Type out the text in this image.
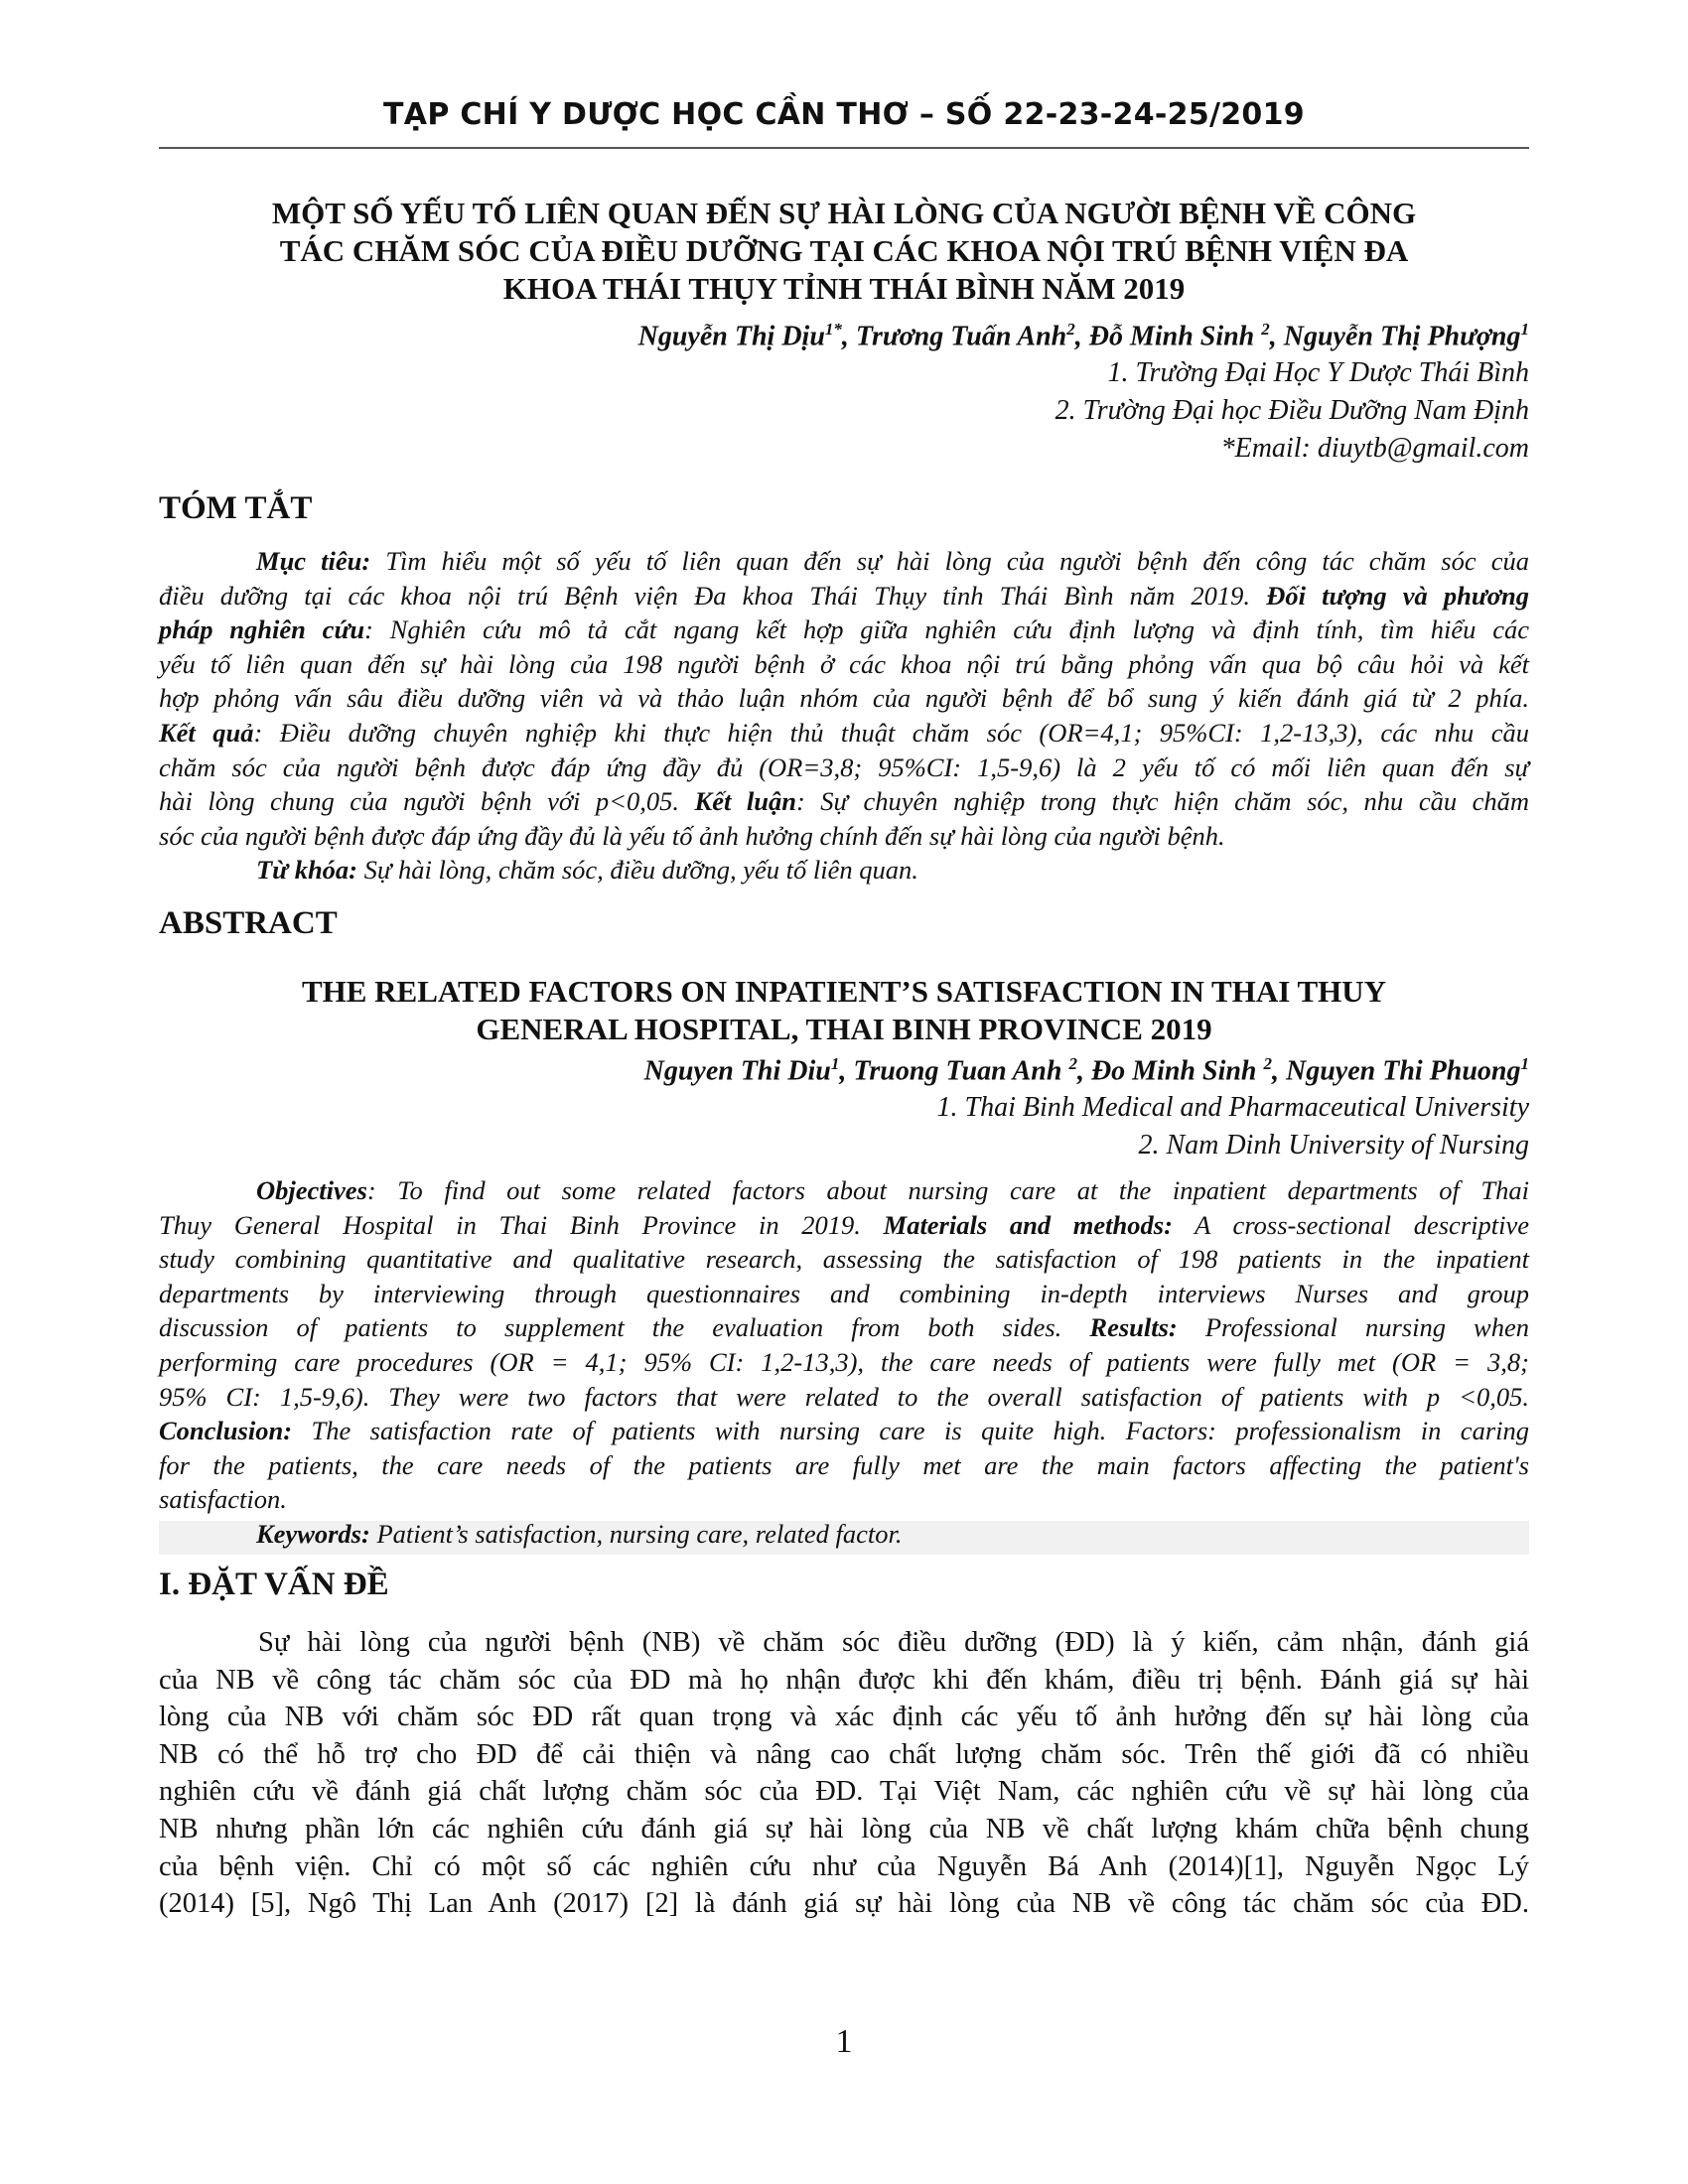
TẠP CHÍ Y DƯỢC HỌC CẦN THƠ – SỐ 22-23-24-25/2019
MỘT SỐ YẾU TỐ LIÊN QUAN ĐẾN SỰ HÀI LÒNG CỦA NGƯỜI BỆNH VỀ CÔNG
TÁC CHĂM SÓC CỦA ĐIỀU DƯỠNG TẠI CÁC KHOA NỘI TRÚ BỆNH VIỆN ĐA
KHOA THÁI THỤY TỈNH THÁI BÌNH NĂM 2019
Nguyễn Thị Dịu$^{1*}$, Trương Tuấn Anh$^2$, Đỗ Minh Sinh $^2$, Nguyễn Thị Phượng$^1$
1. Trường Đại Học Y Dược Thái Bình
2. Trường Đại học Điều Dưỡng Nam Định
*Email: diuytb@gmail.com
TÓM TẮT
Mục tiêu: Tìm hiểu một số yếu tố liên quan đến sự hài lòng của người bệnh đến công tác chăm sóc của
điều dưỡng tại các khoa nội trú Bệnh viện Đa khoa Thái Thụy tỉnh Thái Bình năm 2019. Đối tượng và phương
pháp nghiên cứu: Nghiên cứu mô tả cắt ngang kết hợp giữa nghiên cứu định lượng và định tính, tìm hiểu các
yếu tố liên quan đến sự hài lòng của 198 người bệnh ở các khoa nội trú bằng phỏng vấn qua bộ câu hỏi và kết
hợp phỏng vấn sâu điều dưỡng viên và và thảo luận nhóm của người bệnh để bổ sung ý kiến đánh giá từ 2 phía.
Kết quả: Điều dưỡng chuyên nghiệp khi thực hiện thủ thuật chăm sóc (OR=4,1; 95%CI: 1,2-13,3), các nhu cầu
chăm sóc của người bệnh được đáp ứng đầy đủ (OR=3,8; 95%CI: 1,5-9,6) là 2 yếu tố có mối liên quan đến sự
hài lòng chung của người bệnh với p<0,05. Kết luận: Sự chuyên nghiệp trong thực hiện chăm sóc, nhu cầu chăm
sóc của người bệnh được đáp ứng đầy đủ là yếu tố ảnh hưởng chính đến sự hài lòng của người bệnh.
Từ khóa: Sự hài lòng, chăm sóc, điều dưỡng, yếu tố liên quan.
ABSTRACT
THE RELATED FACTORS ON INPATIENT’S SATISFACTION IN THAI THUY
GENERAL HOSPITAL, THAI BINH PROVINCE 2019
Nguyen Thi Diu$^1$, Truong Tuan Anh $^2$, Đo Minh Sinh $^2$, Nguyen Thi Phuong$^1$
1. Thai Binh Medical and Pharmaceutical University
2. Nam Dinh University of Nursing
Objectives: To find out some related factors about nursing care at the inpatient departments of Thai
Thuy General Hospital in Thai Binh Province in 2019. Materials and methods: A cross-sectional descriptive
study combining quantitative and qualitative research, assessing the satisfaction of 198 patients in the inpatient
departments by interviewing through questionnaires and combining in-depth interviews Nurses and group
discussion of patients to supplement the evaluation from both sides. Results: Professional nursing when
performing care procedures (OR = 4,1; 95% CI: 1,2-13,3), the care needs of patients were fully met (OR = 3,8;
95% CI: 1,5-9,6). They were two factors that were related to the overall satisfaction of patients with p <0,05.
Conclusion: The satisfaction rate of patients with nursing care is quite high. Factors: professionalism in caring
for the patients, the care needs of the patients are fully met are the main factors affecting the patient's
satisfaction.
Keywords: Patient’s satisfaction, nursing care, related factor.
I. ĐẶT VẤN ĐỀ
Sự hài lòng của người bệnh (NB) về chăm sóc điều dưỡng (ĐD) là ý kiến, cảm nhận, đánh giá
của NB về công tác chăm sóc của ĐD mà họ nhận được khi đến khám, điều trị bệnh. Đánh giá sự hài
lòng của NB với chăm sóc ĐD rất quan trọng và xác định các yếu tố ảnh hưởng đến sự hài lòng của
NB có thể hỗ trợ cho ĐD để cải thiện và nâng cao chất lượng chăm sóc. Trên thế giới đã có nhiều
nghiên cứu về đánh giá chất lượng chăm sóc của ĐD. Tại Việt Nam, các nghiên cứu về sự hài lòng của
NB nhưng phần lớn các nghiên cứu đánh giá sự hài lòng của NB về chất lượng khám chữa bệnh chung
của bệnh viện. Chỉ có một số các nghiên cứu như của Nguyễn Bá Anh (2014)[1], Nguyễn Ngọc Lý
(2014) [5], Ngô Thị Lan Anh (2017) [2] là đánh giá sự hài lòng của NB về công tác chăm sóc của ĐD.
1
